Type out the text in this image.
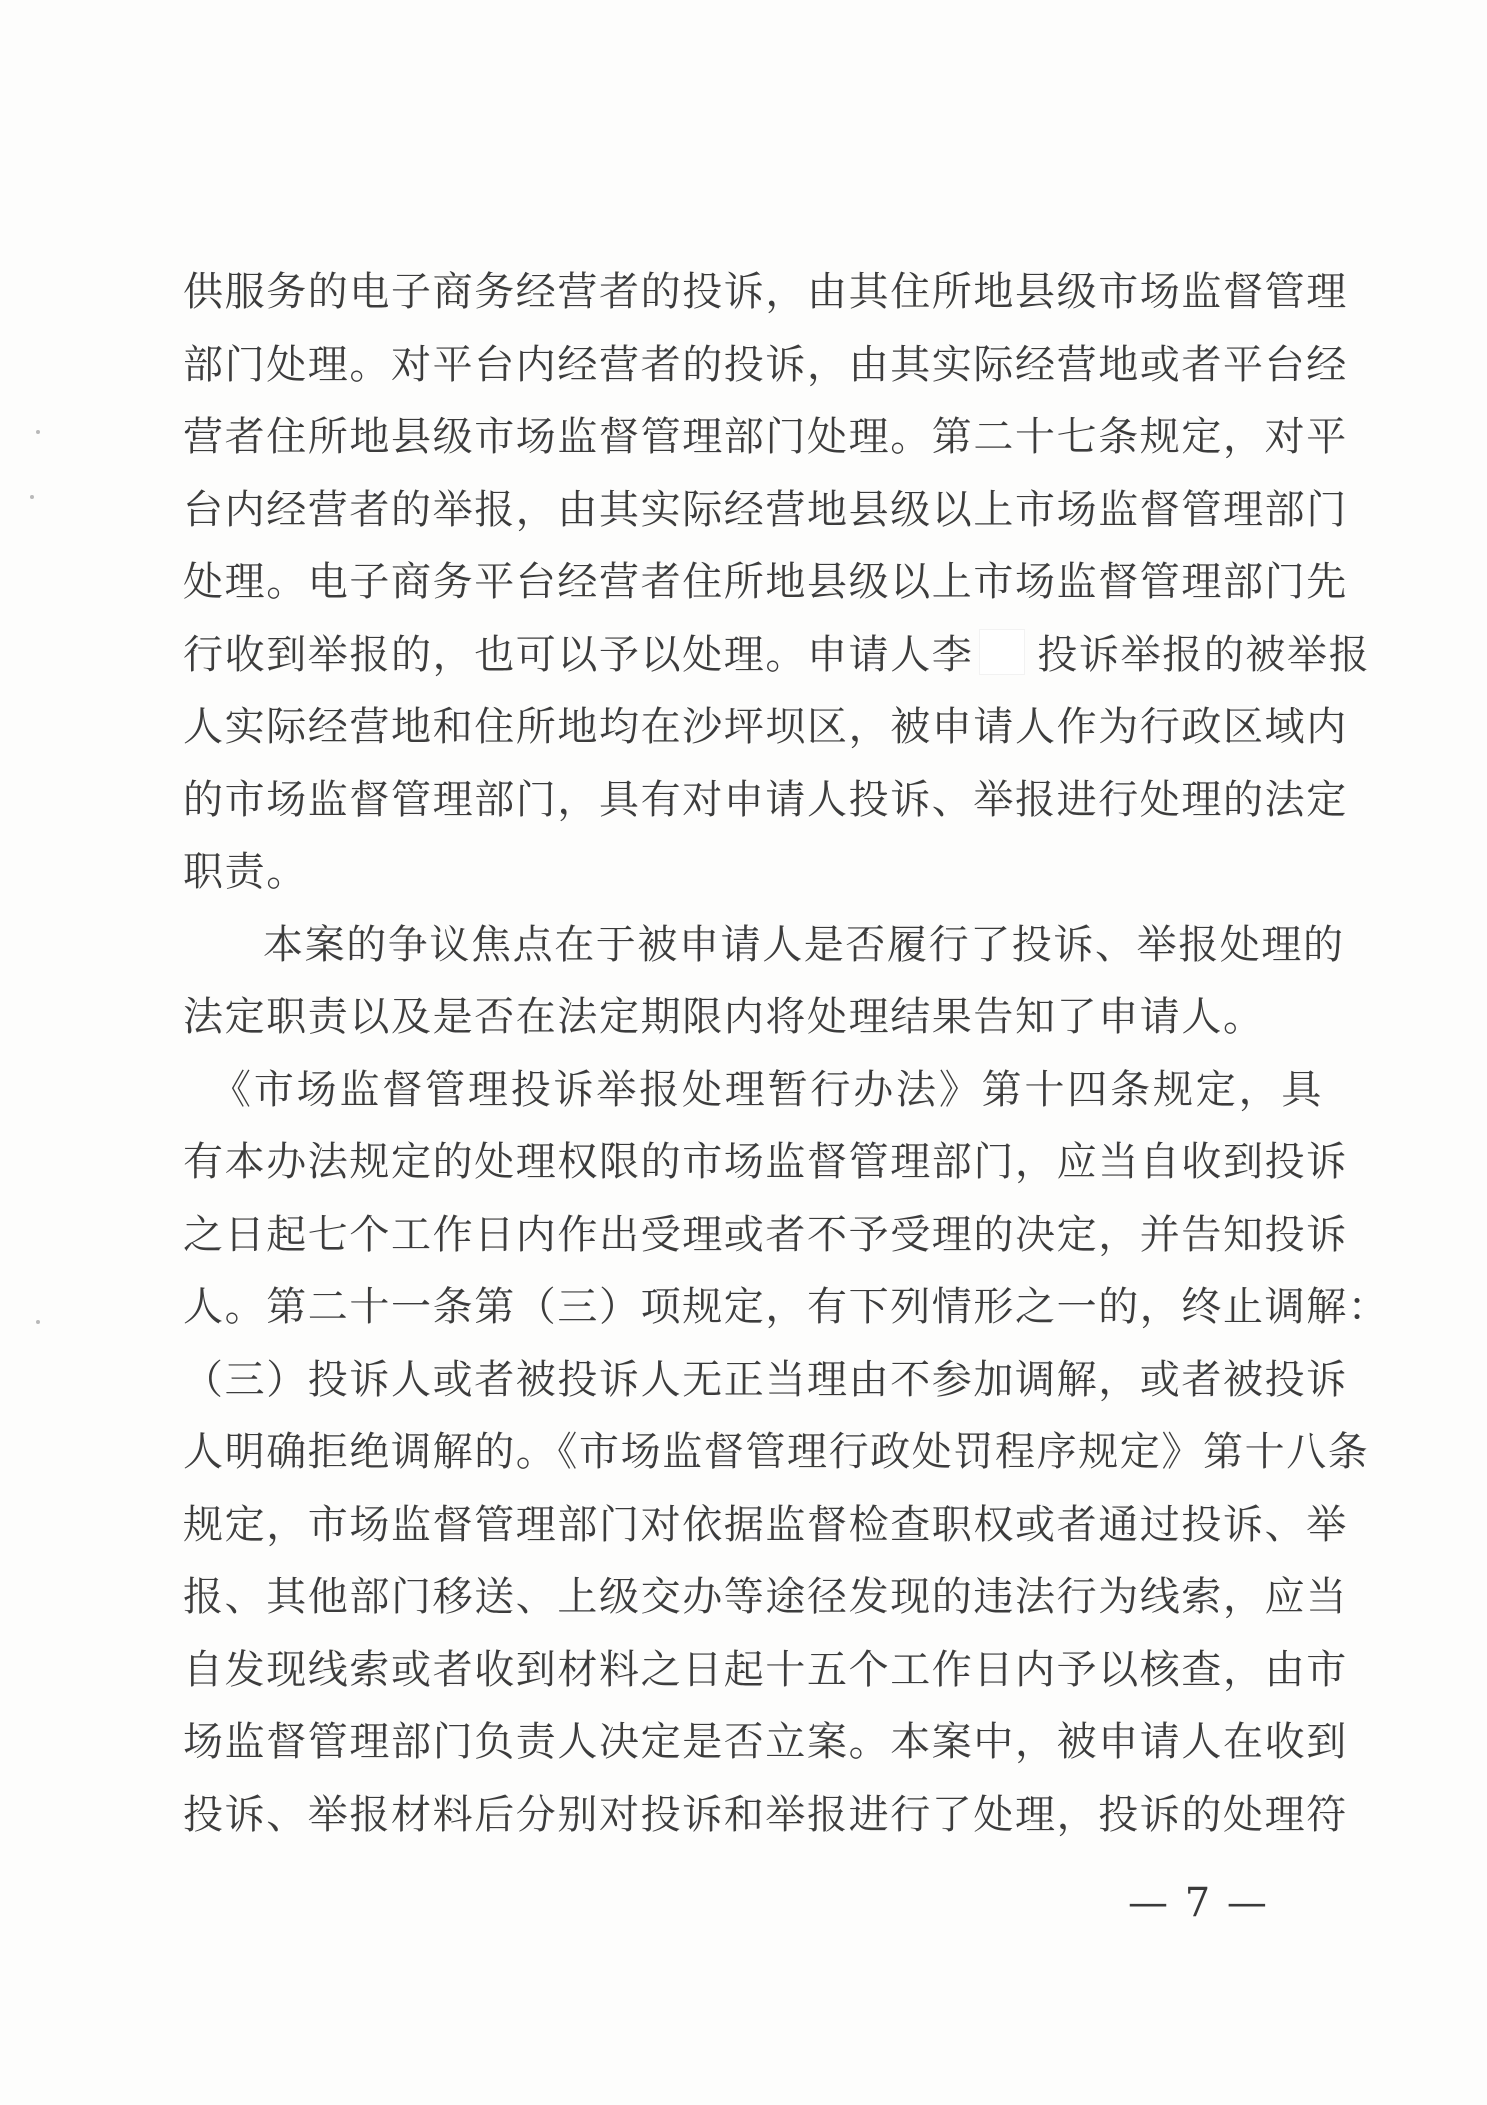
供服务的电子商务经营者的投诉，由其住所地县级市场监督管理
部门处理。对平台内经营者的投诉，由其实际经营地或者平台经
营者住所地县级市场监督管理部门处理。第二十七条规定，对平
台内经营者的举报，由其实际经营地县级以上市场监督管理部门
处理。电子商务平台经营者住所地县级以上市场监督管理部门先
行收到举报的，也可以予以处理。申请人李 投诉举报的被举报
人实际经营地和住所地均在沙坪坝区，被申请人作为行政区域内
的市场监督管理部门，具有对申请人投诉、举报进行处理的法定
职责。
本案的争议焦点在于被申请人是否履行了投诉、举报处理的
法定职责以及是否在法定期限内将处理结果告知了申请人。
《市场监督管理投诉举报处理暂行办法》第十四条规定，具
有本办法规定的处理权限的市场监督管理部门，应当自收到投诉
之日起七个工作日内作出受理或者不予受理的决定，并告知投诉
人。第二十一条第（三）项规定，有下列情形之一的，终止调解：
（三）投诉人或者被投诉人无正当理由不参加调解，或者被投诉
人明确拒绝调解的。《市场监督管理行政处罚程序规定》第十八条
规定，市场监督管理部门对依据监督检查职权或者通过投诉、举
报、其他部门移送、上级交办等途径发现的违法行为线索，应当
自发现线索或者收到材料之日起十五个工作日内予以核查，由市
场监督管理部门负责人决定是否立案。本案中，被申请人在收到
投诉、举报材料后分别对投诉和举报进行了处理，投诉的处理符
— 7 —
